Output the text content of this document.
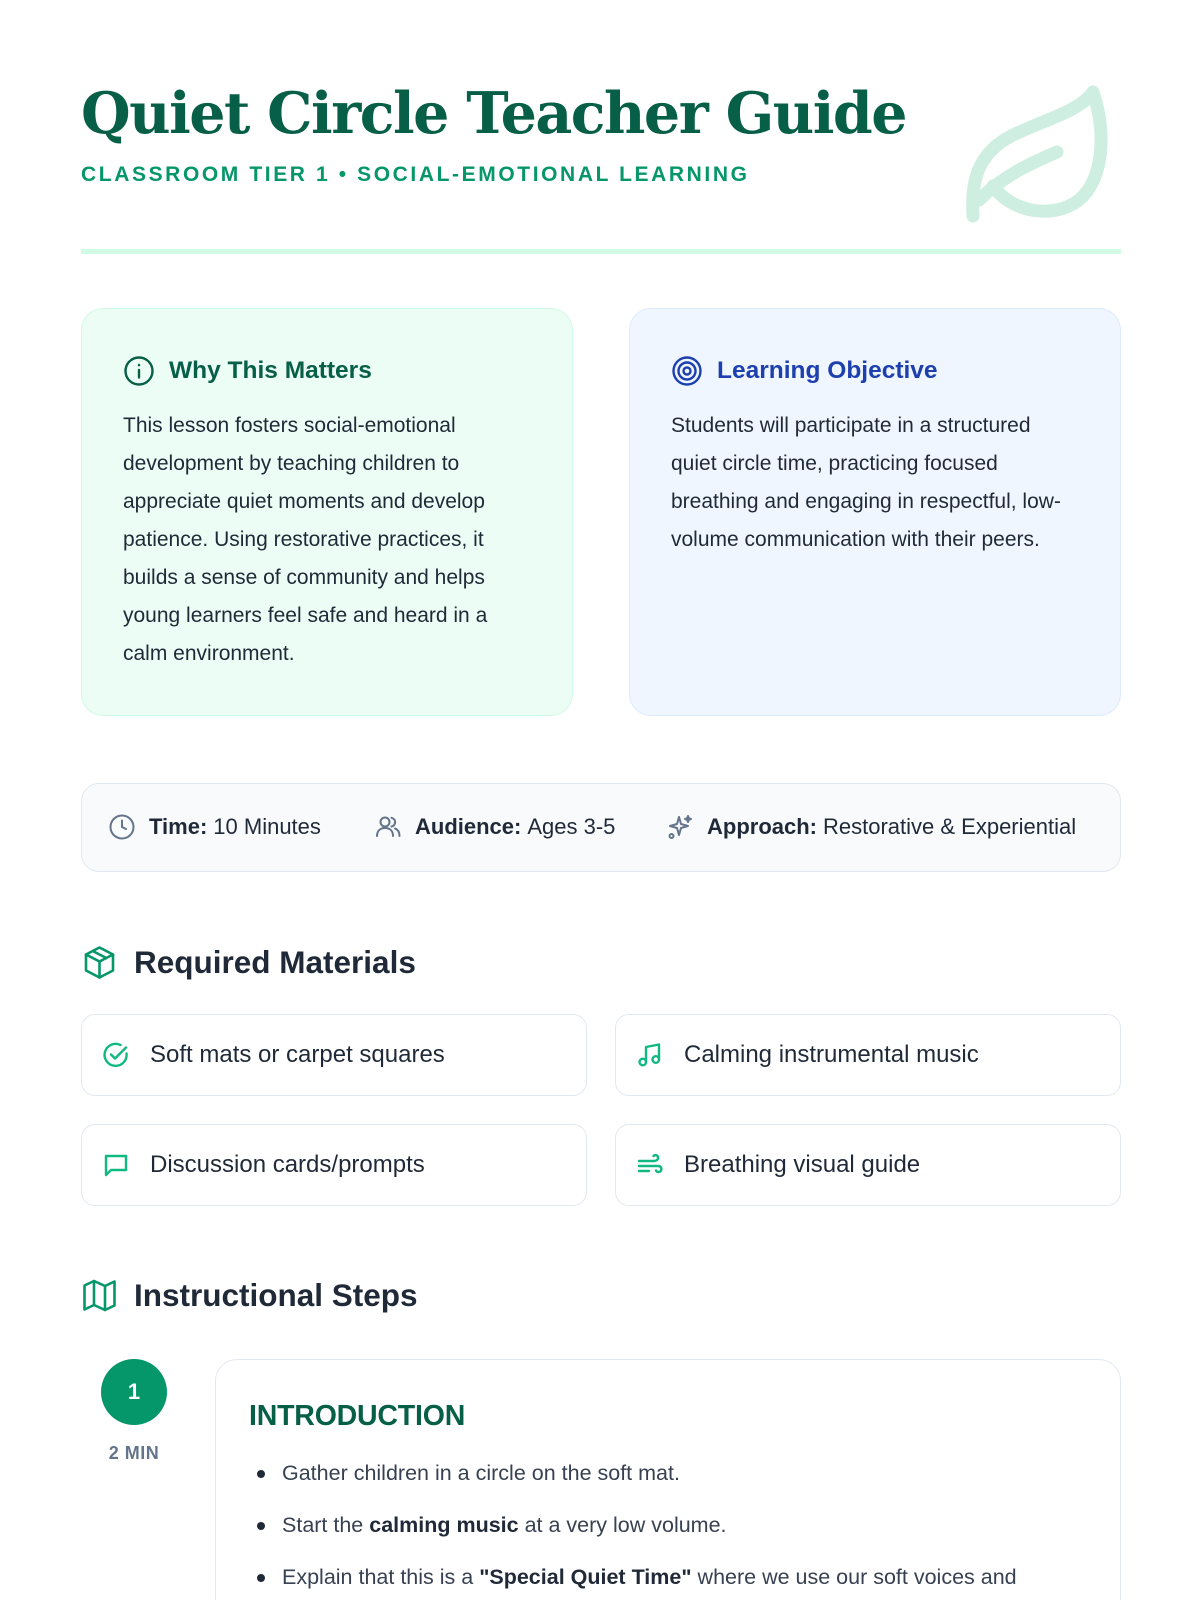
Quiet Circle Teacher Guide
CLASSROOM TIER 1 • SOCIAL-EMOTIONAL LEARNING
Why This Matters

This lesson fosters social-emotional development by teaching children to appreciate quiet moments and develop patience. Using restorative practices, it builds a sense of community and helps young learners feel safe and heard in a calm environment.

Learning Objective

Students will participate in a structured quiet circle time, practicing focused breathing and engaging in respectful, low-volume communication with their peers.

Time: 10 Minutes	Audience: Ages 3-5	Approach: Restorative & Experiential
Required Materials
Soft mats or carpet squares	Calming instrumental music
Discussion cards/prompts	Breathing visual guide
Instructional Steps
1
2 MIN
INTRODUCTION
Gather children in a circle on the soft mat.
Start the calming music at a very low volume.
Explain that this is a "Special Quiet Time" where we use our soft voices and
